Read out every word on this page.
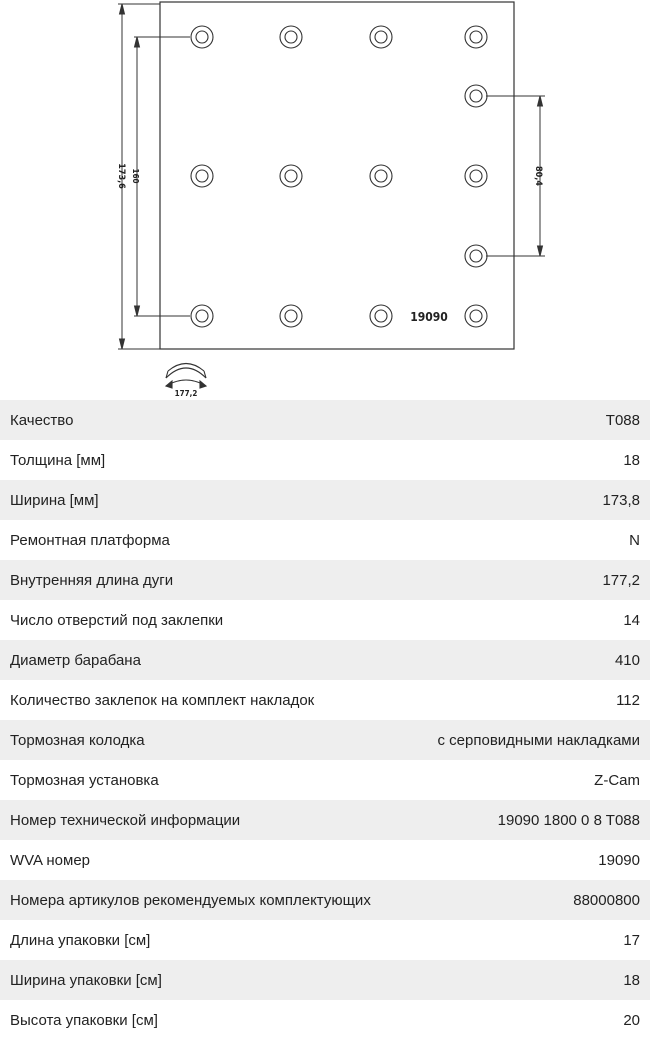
173,6 160	80,4
19090
177,2
Качество	T088
Толщина [мм]	18
Ширина [мм]	173,8
Ремонтная платформа	N
Внутренняя длина дуги	177,2
Число отверстий под заклепки	14
Диаметр барабана	410
Количество заклепок на комплект накладок	112
Тормозная колодка	с серповидными накладками
Тормозная установка	Z-Cam
Номер технической информации	19090 1800 0 8 T088
WVA номер	19090
Номера артикулов рекомендуемых комплектующих	88000800
Длина упаковки [см]	17
Ширина упаковки [см]	18
Высота упаковки [см]	20
